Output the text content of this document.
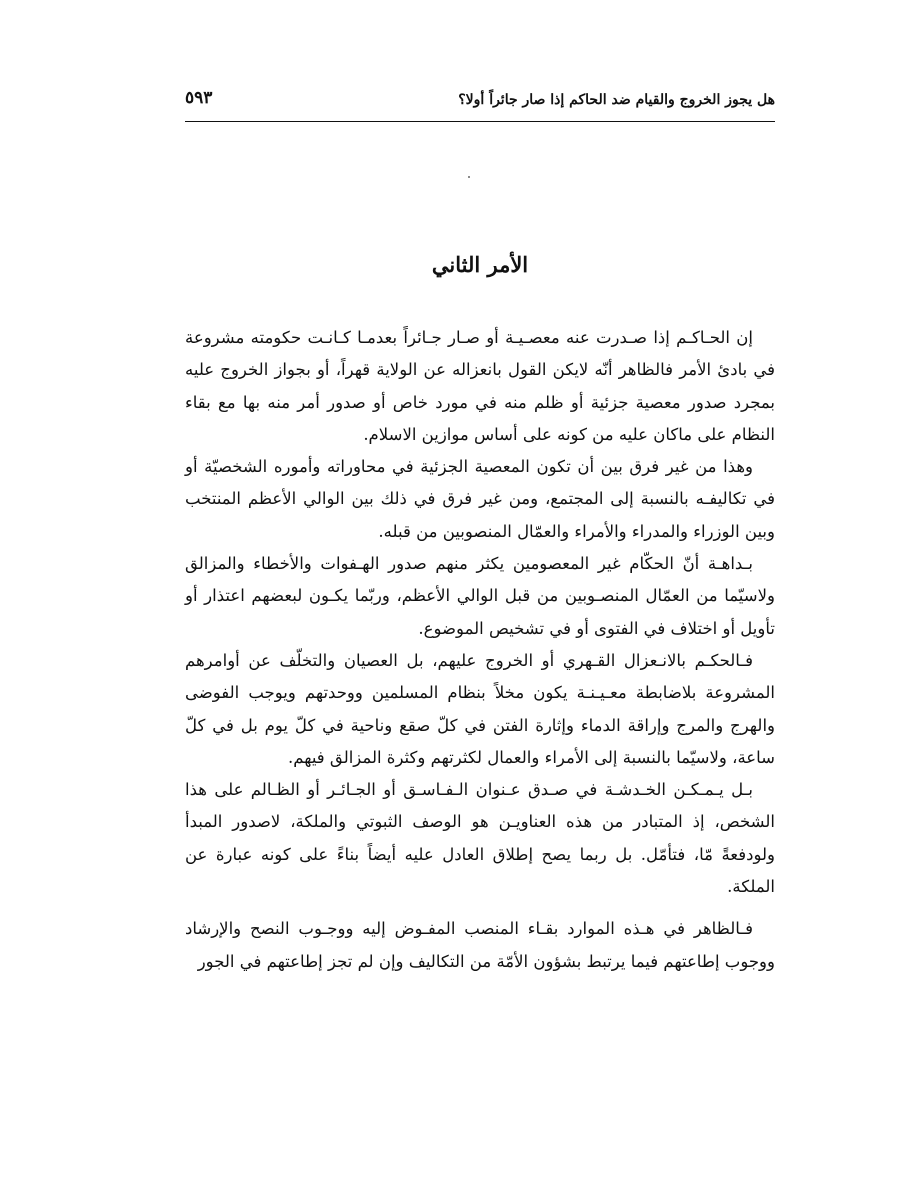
هل يجوز الخروج والقيام ضد الحاكم إذا صار جائراً أولا؟
٥٩٣
الأمر الثاني

إن الحـاكـم إذا صـدرت عنه معصـيـة أو صـار جـائراً بعدمـا كـانـت حكومته مشروعة في بادئ الأمر فالظاهر أنّه لايكن القول بانعزاله عن الولاية قهراً، أو بجواز الخروج عليه بمجرد صدور معصية جزئية أو ظلم منه في مورد خاص أو صدور أمر منه بها مع بقاء النظام على ماكان عليه من كونه على أساس موازين الاسلام.

وهذا من غير فرق بين أن تكون المعصية الجزئية في محاوراته وأموره الشخصيّة أو في تكاليفـه بالنسبة إلى المجتمع، ومن غير فرق في ذلك بين الوالي الأعظم المنتخب وبين الوزراء والمدراء والأمراء والعمّال المنصوبين من قبله.

بـداهـة أنّ الحكّام غير المعصومين يكثر منهم صدور الهـفوات والأخطاء والمزالق ولاسيّما من العمّال المنصـوبين من قبل الوالي الأعظم، وربّما يكـون لبعضهم اعتذار أو تأويل أو اختلاف في الفتوى أو في تشخيص الموضوع.

فـالحكـم بالانـعزال القـهري أو الخروج عليهم، بل العصيان والتخلّف عن أوامرهم المشروعة بلاضابطة معـيـنـة يكون مخلاً بنظام المسلمين ووحدتهم ويوجب الفوضى والهرج والمرج وإراقة الدماء وإثارة الفتن في كلّ صقع وناحية في كلّ يوم بل في كلّ ساعة، ولاسيّما بالنسبة إلى الأمراء والعمال لكثرتهم وكثرة المزالق فيهم.

بـل يـمـكـن الخـدشـة في صـدق عـنوان الـفـاسـق أو الجـائـر أو الظـالم على هذا الشخص، إذ المتبادر من هذه العناويـن هو الوصف الثبوتي والملكة، لاصدور المبدأ ولودفعةً مّا، فتأمّل. بل ربما يصح إطلاق العادل عليه أيضاً بناءً على كونه عبارة عن الملكة.

فـالظاهر في هـذه الموارد بقـاء المنصب المفـوض إليه ووجـوب النصح والإرشاد ووجوب إطاعتهم فيما يرتبط بشؤون الأمّة من التكاليف وإن لم تجز إطاعتهم في الجور
